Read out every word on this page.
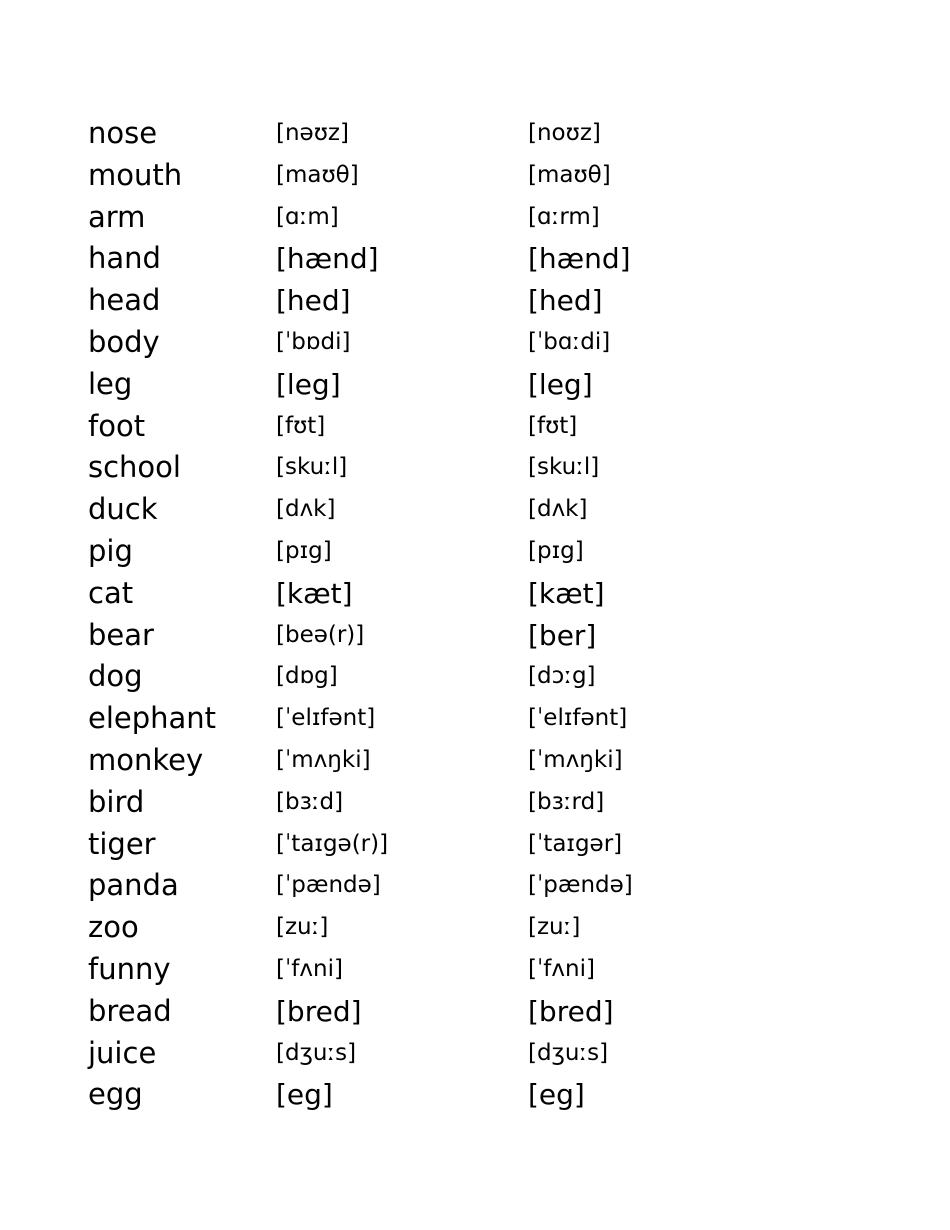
nose	[nəʊz]	[noʊz]
mouth	[maʊθ]	[maʊθ]
arm	[ɑːm]	[ɑːrm]
hand	[hænd]	[hænd]
head	[hed]	[hed]
body	[ˈbɒdi]	[ˈbɑːdi]
leg	[leg]	[leg]
foot	[fʊt]	[fʊt]
school	[skuːl]	[skuːl]
duck	[dʌk]	[dʌk]
pig	[pɪg]	[pɪg]
cat	[kæt]	[kæt]
bear	[beə(r)]	[ber]
dog	[dɒg]	[dɔːg]
elephant	[ˈelɪfənt]	[ˈelɪfənt]
monkey	[ˈmʌŋki]	[ˈmʌŋki]
bird	[bɜːd]	[bɜːrd]
tiger	[ˈtaɪgə(r)]	[ˈtaɪgər]
panda	[ˈpændə]	[ˈpændə]
zoo	[zuː]	[zuː]
funny	[ˈfʌni]	[ˈfʌni]
bread	[bred]	[bred]
juice	[dʒuːs]	[dʒuːs]
egg	[eg]	[eg]
